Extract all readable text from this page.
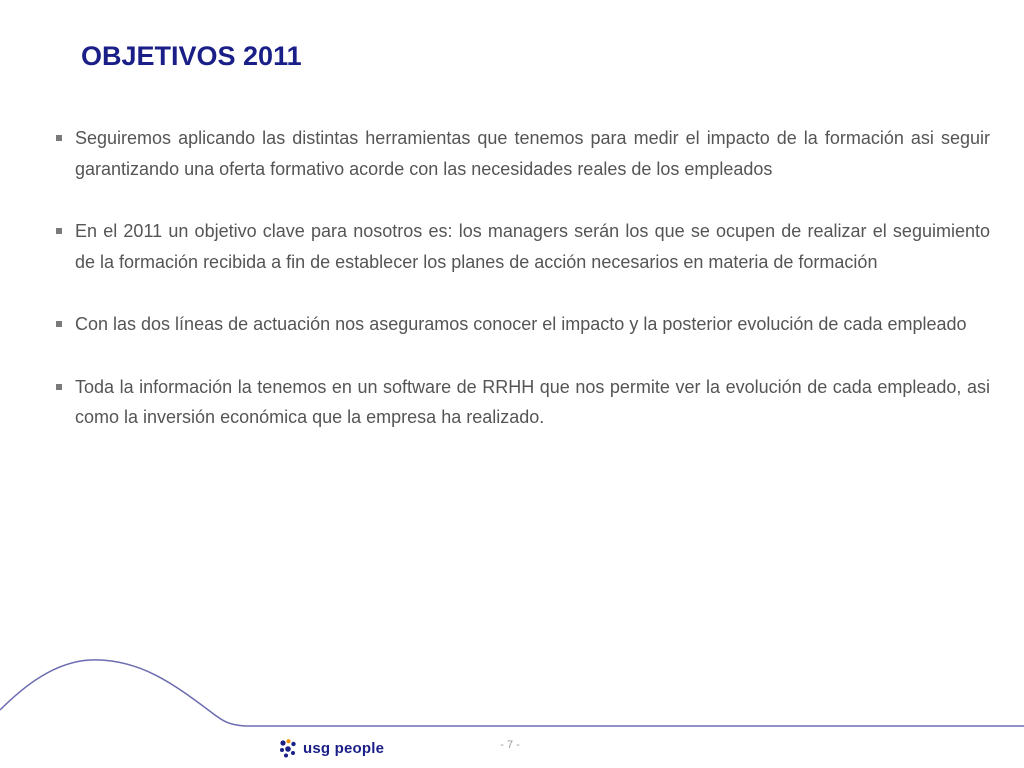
OBJETIVOS 2011
Seguiremos aplicando las distintas herramientas que tenemos para medir el impacto de la formación asi seguir garantizando una oferta formativo acorde con las necesidades reales de los empleados
En el 2011 un objetivo clave para nosotros es: los managers serán los que se ocupen de realizar el seguimiento de la formación recibida a fin de establecer los planes de acción necesarios en materia de formación
Con las dos líneas de actuación nos aseguramos conocer el impacto y la posterior evolución de cada empleado
Toda la información la tenemos en un software de RRHH que nos permite ver la evolución de cada empleado, asi como la inversión económica que la empresa ha realizado.
usg people	- 7 -
